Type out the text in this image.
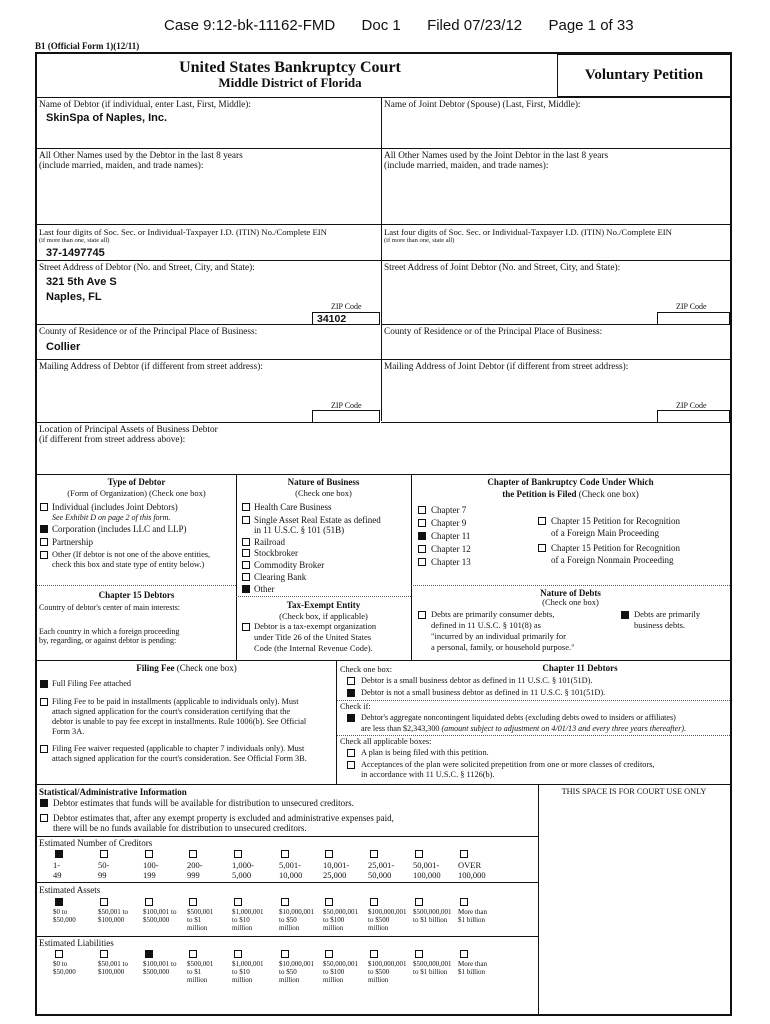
Case 9:12-bk-11162-FMD Doc 1 Filed 07/23/12 Page 1 of 33
B1 (Official Form 1)(12/11)
United States Bankruptcy Court
Middle District of Florida	Voluntary Petition
Name of Debtor (if individual, enter Last, First, Middle):
SkinSpa of Naples, Inc.
Name of Joint Debtor (Spouse) (Last, First, Middle):
All Other Names used by the Debtor in the last 8 years
(include married, maiden, and trade names):
All Other Names used by the Joint Debtor in the last 8 years
(include married, maiden, and trade names):
Last four digits of Soc. Sec. or Individual-Taxpayer I.D. (ITIN) No./Complete EIN
(if more than one, state all)
37-1497745
Last four digits of Soc. Sec. or Individual-Taxpayer I.D. (ITIN) No./Complete EIN
(if more than one, state all)
Street Address of Debtor (No. and Street, City, and State):
321 5th Ave S
Naples, FL
ZIP Code
34102
Street Address of Joint Debtor (No. and Street, City, and State):
ZIP Code
County of Residence or of the Principal Place of Business:
Collier
County of Residence or of the Principal Place of Business:
Mailing Address of Debtor (if different from street address):
ZIP Code
Mailing Address of Joint Debtor (if different from street address):
ZIP Code
Location of Principal Assets of Business Debtor
(if different from street address above):
Type of Debtor
(Form of Organization) (Check one box)
Individual (includes Joint Debtors)
See Exhibit D on page 2 of this form.
Corporation (includes LLC and LLP)
Partnership
Other (If debtor is not one of the above entities,
check this box and state type of entity below.)
Nature of Business
(Check one box)
Health Care Business
Single Asset Real Estate as defined
in 11 U.S.C. § 101 (51B)
Railroad
Stockbroker
Commodity Broker
Clearing Bank
Other
Chapter of Bankruptcy Code Under Which
the Petition is Filed (Check one box)
Chapter 7
Chapter 9
Chapter 11
Chapter 12
Chapter 13
Chapter 15 Petition for Recognition
of a Foreign Main Proceeding
Chapter 15 Petition for Recognition
of a Foreign Nonmain Proceeding
Chapter 15 Debtors
Country of debtor's center of main interests:
Each country in which a foreign proceeding
by, regarding, or against debtor is pending:
Tax-Exempt Entity
(Check box, if applicable)
Debtor is a tax-exempt organization
under Title 26 of the United States
Code (the Internal Revenue Code).
Nature of Debts
(Check one box)
Debts are primarily consumer debts,
defined in 11 U.S.C. § 101(8) as
"incurred by an individual primarily for
a personal, family, or household purpose."
Debts are primarily
business debts.
Filing Fee (Check one box)
Full Filing Fee attached
Filing Fee to be paid in installments (applicable to individuals only). Must
attach signed application for the court's consideration certifying that the
debtor is unable to pay fee except in installments. Rule 1006(b). See Official
Form 3A.
Filing Fee waiver requested (applicable to chapter 7 individuals only). Must
attach signed application for the court's consideration. See Official Form 3B.
Chapter 11 Debtors
Check one box:
Debtor is a small business debtor as defined in 11 U.S.C. § 101(51D).
Debtor is not a small business debtor as defined in 11 U.S.C. § 101(51D).
Check if:
Debtor's aggregate noncontingent liquidated debts (excluding debts owed to insiders or affiliates)
are less than $2,343,300 (amount subject to adjustment on 4/01/13 and every three years thereafter).
Check all applicable boxes:
A plan is being filed with this petition.
Acceptances of the plan were solicited prepetition from one or more classes of creditors,
in accordance with 11 U.S.C. § 1126(b).
Statistical/Administrative Information	THIS SPACE IS FOR COURT USE ONLY
Debtor estimates that funds will be available for distribution to unsecured creditors.
Debtor estimates that, after any exempt property is excluded and administrative expenses paid,
there will be no funds available for distribution to unsecured creditors.
Estimated Number of Creditors
1-
49
50-
99
100-
199
200-
999
1,000-
5,000
5,001-
10,000
10,001-
25,000
25,001-
50,000
50,001-
100,000
OVER
100,000
Estimated Assets
$0 to
$50,000
$50,001 to
$100,000
$100,001 to
$500,000
$500,001
to $1
million
$1,000,001
to $10
million
$10,000,001
to $50
million
$50,000,001
to $100
million
$100,000,001
to $500
million
$500,000,001
to $1 billion
More than
$1 billion
Estimated Liabilities
$0 to
$50,000
$50,001 to
$100,000
$100,001 to
$500,000
$500,001
to $1
million
$1,000,001
to $10
million
$10,000,001
to $50
million
$50,000,001
to $100
million
$100,000,001
to $500
million
$500,000,001
to $1 billion
More than
$1 billion
